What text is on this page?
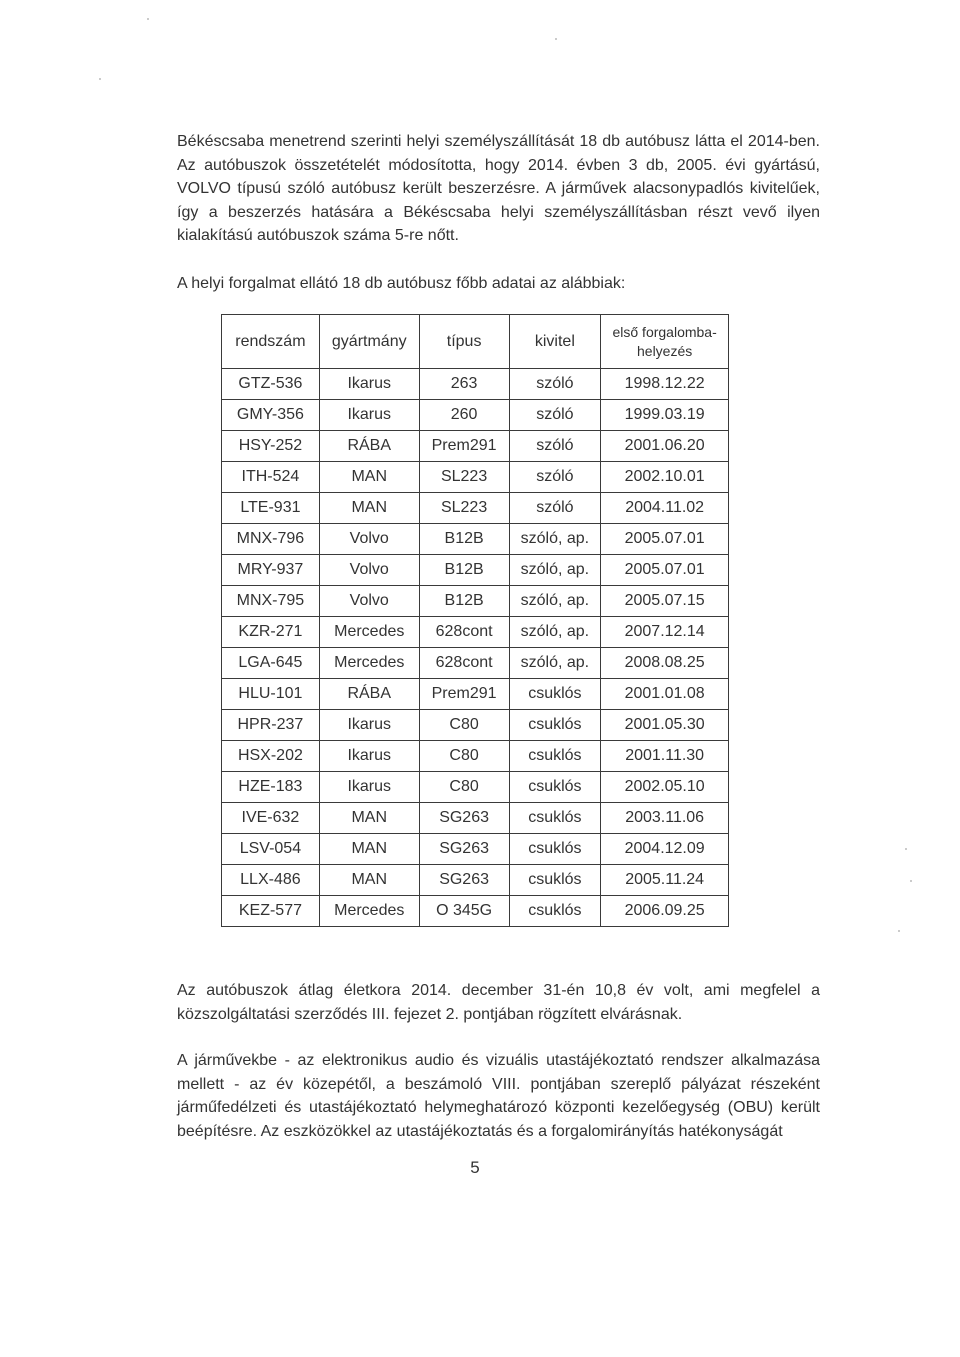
Békéscsaba menetrend szerinti helyi személyszállítását 18 db autóbusz látta el 2014-ben. Az autóbuszok összetételét módosította, hogy 2014. évben 3 db, 2005. évi gyártású, VOLVO típusú szóló autóbusz került beszerzésre. A járművek alacsonypadlós kivitelűek, így a beszerzés hatására a Békéscsaba helyi személyszállításban részt vevő ilyen kialakítású autóbuszok száma 5-re nőtt.

A helyi forgalmat ellátó 18 db autóbusz főbb adatai az alábbiak:

rendszám	gyártmány	típus	kivitel	első forgalomba-helyezés
GTZ-536	Ikarus	263	szóló	1998.12.22
GMY-356	Ikarus	260	szóló	1999.03.19
HSY-252	RÁBA	Prem291	szóló	2001.06.20
ITH-524	MAN	SL223	szóló	2002.10.01
LTE-931	MAN	SL223	szóló	2004.11.02
MNX-796	Volvo	B12B	szóló, ap.	2005.07.01
MRY-937	Volvo	B12B	szóló, ap.	2005.07.01
MNX-795	Volvo	B12B	szóló, ap.	2005.07.15
KZR-271	Mercedes	628cont	szóló, ap.	2007.12.14
LGA-645	Mercedes	628cont	szóló, ap.	2008.08.25
HLU-101	RÁBA	Prem291	csuklós	2001.01.08
HPR-237	Ikarus	C80	csuklós	2001.05.30
HSX-202	Ikarus	C80	csuklós	2001.11.30
HZE-183	Ikarus	C80	csuklós	2002.05.10
IVE-632	MAN	SG263	csuklós	2003.11.06
LSV-054	MAN	SG263	csuklós	2004.12.09
LLX-486	MAN	SG263	csuklós	2005.11.24
KEZ-577	Mercedes	O 345G	csuklós	2006.09.25

Az autóbuszok átlag életkora 2014. december 31-én 10,8 év volt, ami megfelel a közszolgáltatási szerződés III. fejezet 2. pontjában rögzített elvárásnak.

A járművekbe - az elektronikus audio és vizuális utastájékoztató rendszer alkalmazása mellett - az év közepétől, a beszámoló VIII. pontjában szereplő pályázat részeként járműfedélzeti és utastájékoztató helymeghatározó központi kezelőegység (OBU) került beépítésre. Az eszközökkel az utastájékoztatás és a forgalomirányítás hatékonyságát

5
